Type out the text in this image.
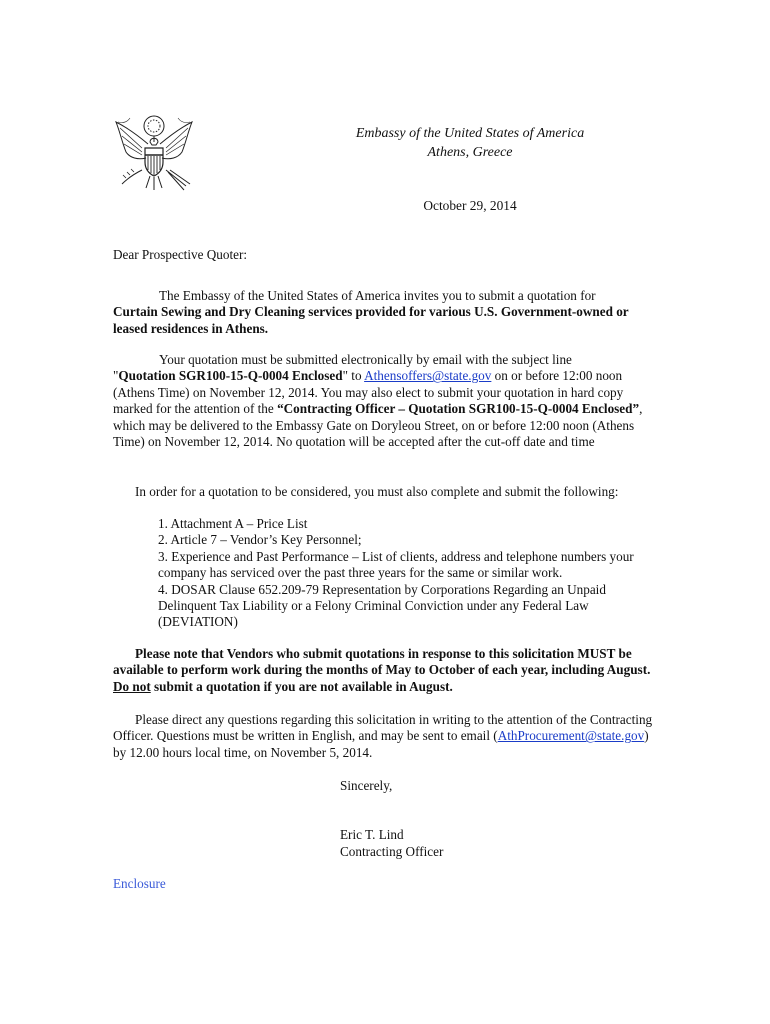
Embassy of the United States of America
Athens, Greece
October 29, 2014
Dear Prospective Quoter:
The Embassy of the United States of America invites you to submit a quotation for
Curtain Sewing and Dry Cleaning services provided for various U.S. Government-owned or leased residences in Athens.
Your quotation must be submitted electronically by email with the subject line
"Quotation SGR100-15-Q-0004 Enclosed" to Athensoffers@state.gov on or before 12:00 noon (Athens Time) on November 12, 2014. You may also elect to submit your quotation in hard copy marked for the attention of the “Contracting Officer – Quotation SGR100-15-Q-0004 Enclosed”, which may be delivered to the Embassy Gate on Doryleou Street, on or before 12:00 noon (Athens Time) on November 12, 2014. No quotation will be accepted after the cut-off date and time
In order for a quotation to be considered, you must also complete and submit the following:
1. Attachment A – Price List
2. Article 7 – Vendor’s Key Personnel;
3. Experience and Past Performance – List of clients, address and telephone numbers your company has serviced over the past three years for the same or similar work.
4. DOSAR Clause 652.209-79 Representation by Corporations Regarding an Unpaid Delinquent Tax Liability or a Felony Criminal Conviction under any Federal Law (DEVIATION)
Please note that Vendors who submit quotations in response to this solicitation MUST be available to perform work during the months of May to October of each year, including August. Do not submit a quotation if you are not available in August.
Please direct any questions regarding this solicitation in writing to the attention of the Contracting Officer. Questions must be written in English, and may be sent to email (AthProcurement@state.gov) by 12.00 hours local time, on November 5, 2014.
Sincerely,
Eric T. Lind
Contracting Officer
Enclosure
